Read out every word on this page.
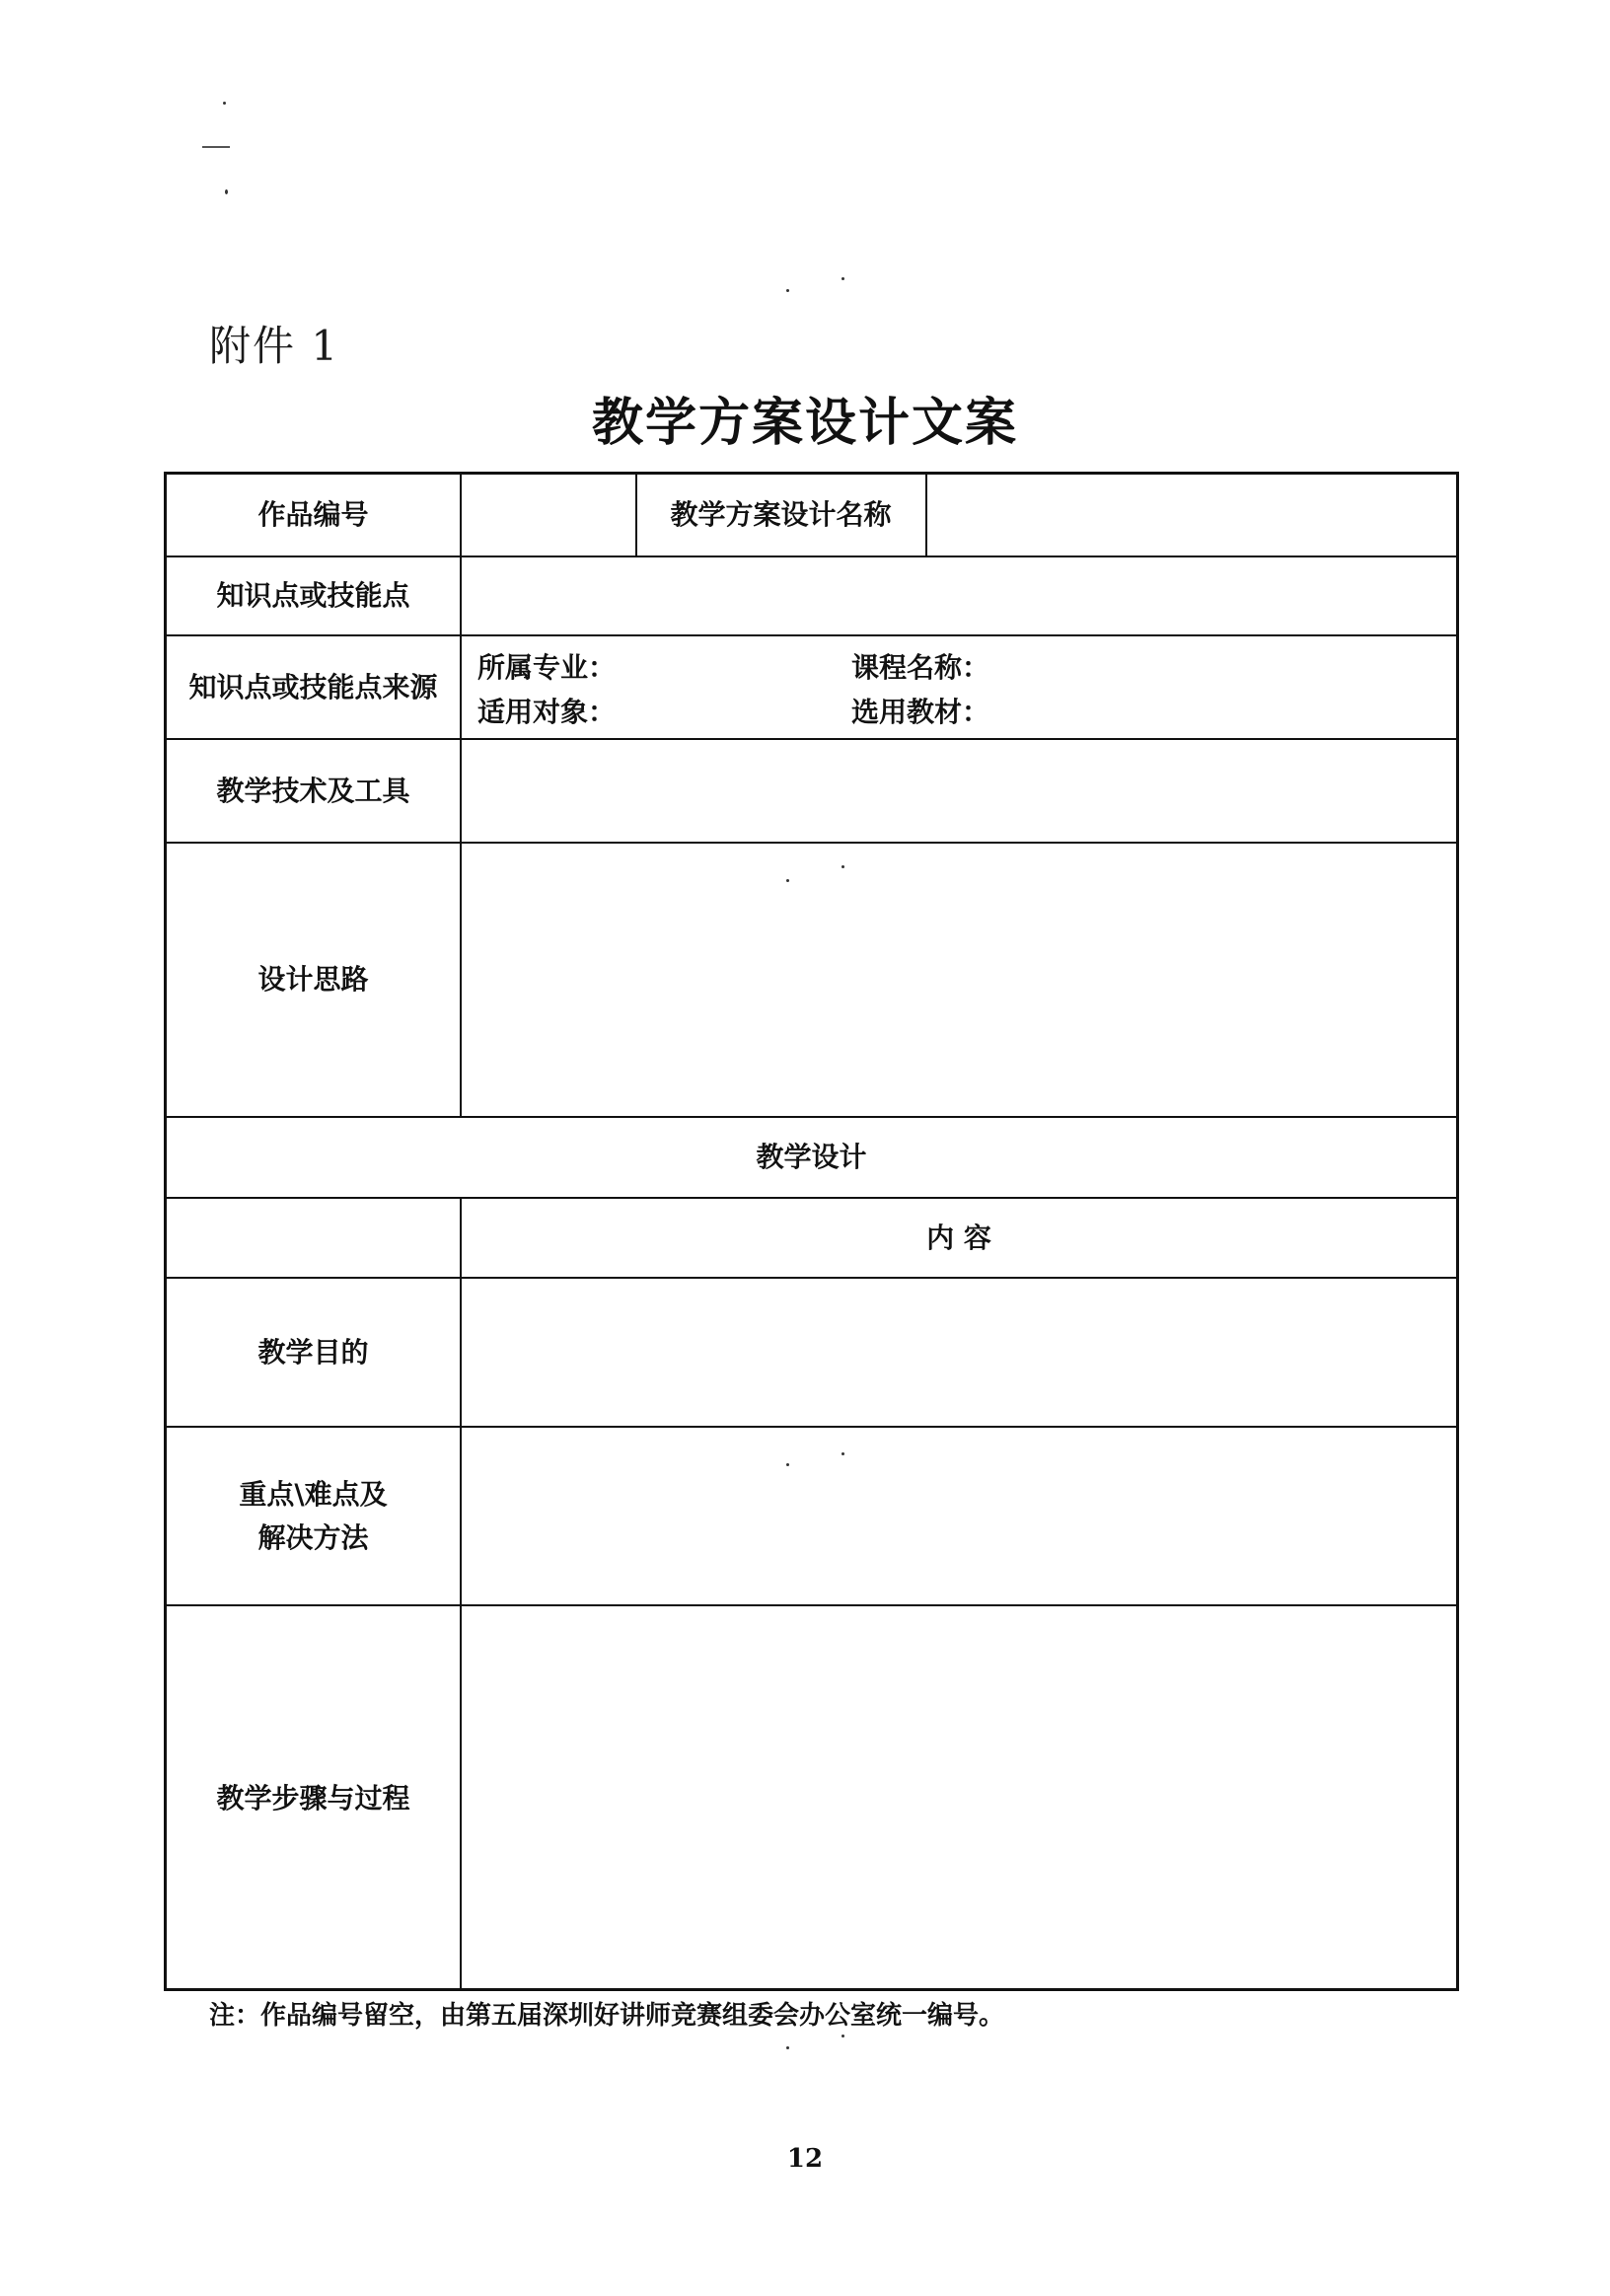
附件 1
教学方案设计文案
作品编号	教学方案设计名称
知识点或技能点
知识点或技能点来源
所属专业：	课程名称：
适用对象：	选用教材：
教学技术及工具
设计思路
教学设计
内 容
教学目的
重点\难点及
解决方法
教学步骤与过程
注：作品编号留空，由第五届深圳好讲师竞赛组委会办公室统一编号。
12
